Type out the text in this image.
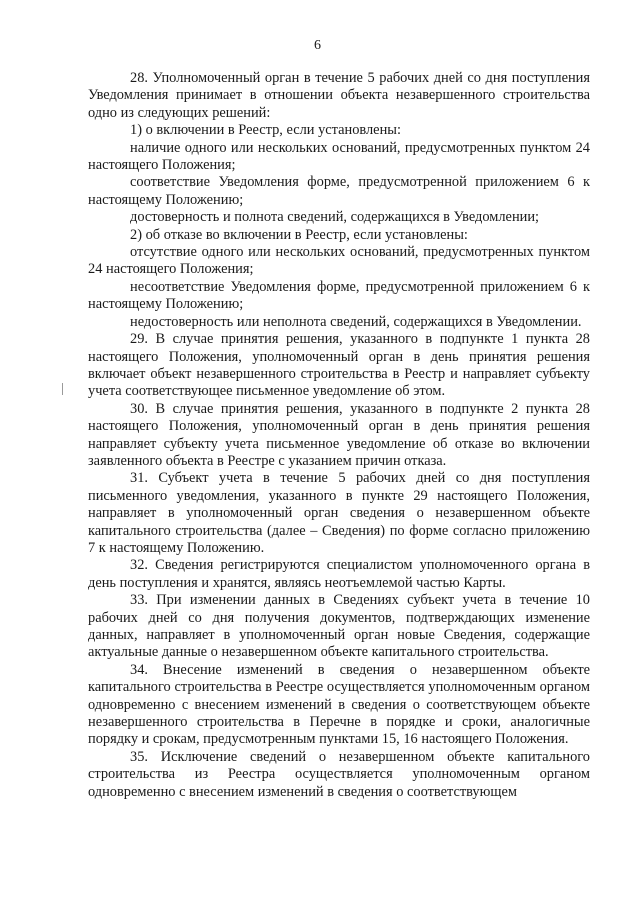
6

28. Уполномоченный орган в течение 5 рабочих дней со дня поступления Уведомления принимает в отношении объекта незавершенного строительства одно из следующих решений:

1) о включении в Реестр, если установлены:

наличие одного или нескольких оснований, предусмотренных пунктом 24 настоящего Положения;

соответствие Уведомления форме, предусмотренной приложением 6 к настоящему Положению;

достоверность и полнота сведений, содержащихся в Уведомлении;

2) об отказе во включении в Реестр, если установлены:

отсутствие одного или нескольких оснований, предусмотренных пунктом 24 настоящего Положения;

несоответствие Уведомления форме, предусмотренной приложением 6 к настоящему Положению;

недостоверность или неполнота сведений, содержащихся в Уведомлении.

29. В случае принятия решения, указанного в подпункте 1 пункта 28 настоящего Положения, уполномоченный орган в день принятия решения включает объект незавершенного строительства в Реестр и направляет субъекту учета соответствующее письменное уведомление об этом.

30. В случае принятия решения, указанного в подпункте 2 пункта 28 настоящего Положения, уполномоченный орган в день принятия решения направляет субъекту учета письменное уведомление об отказе во включении заявленного объекта в Реестре с указанием причин отказа.

31. Субъект учета в течение 5 рабочих дней со дня поступления письменного уведомления, указанного в пункте 29 настоящего Положения, направляет в уполномоченный орган сведения о незавершенном объекте капитального строительства (далее – Сведения) по форме согласно приложению 7 к настоящему Положению.

32. Сведения регистрируются специалистом уполномоченного органа в день поступления и хранятся, являясь неотъемлемой частью Карты.

33. При изменении данных в Сведениях субъект учета в течение 10 рабочих дней со дня получения документов, подтверждающих изменение данных, направляет в уполномоченный орган новые Сведения, содержащие актуальные данные о незавершенном объекте капитального строительства.

34. Внесение изменений в сведения о незавершенном объекте капитального строительства в Реестре осуществляется уполномоченным органом одновременно с внесением изменений в сведения о соответствующем объекте незавершенного строительства в Перечне в порядке и сроки, аналогичные порядку и срокам, предусмотренным пунктами 15, 16 настоящего Положения.

35. Исключение сведений о незавершенном объекте капитального строительства из Реестра осуществляется уполномоченным органом одновременно с внесением изменений в сведения о соответствующем
